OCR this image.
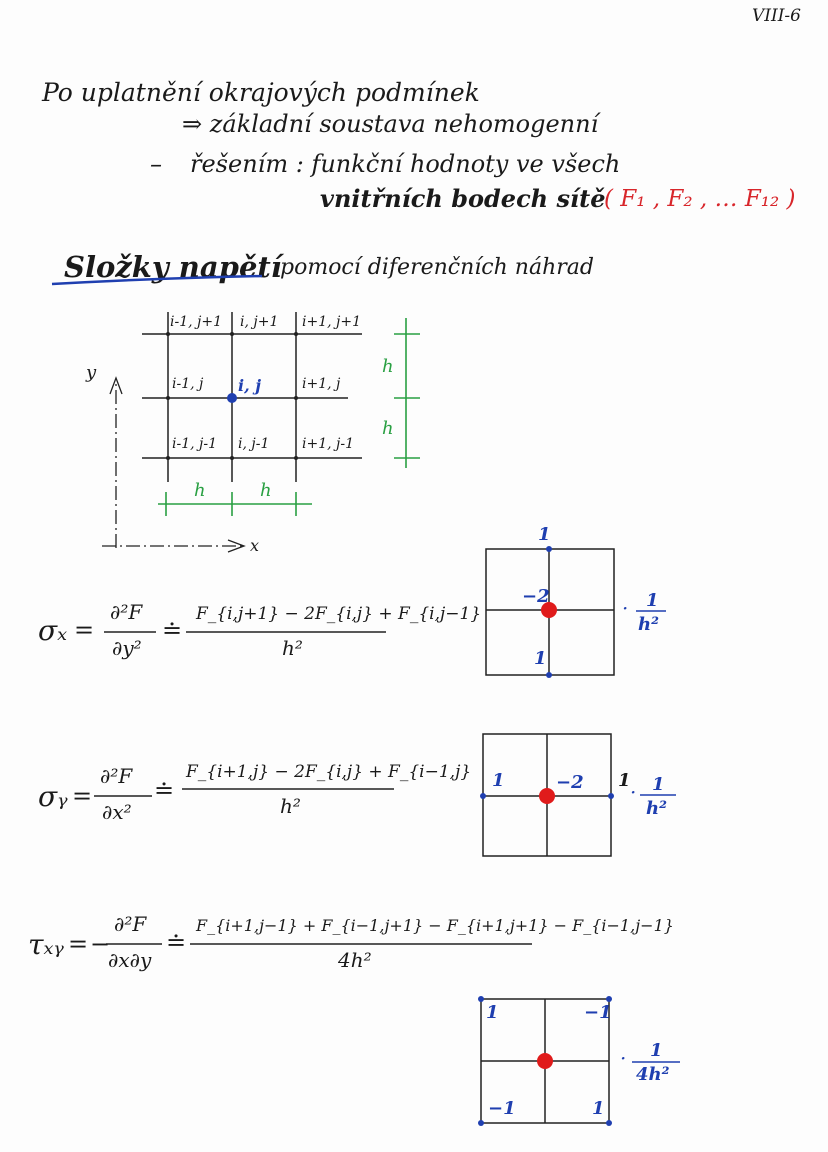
VIII-6
Po uplatnění okrajových podmínek
⇒ základní soustava nehomogenní
– řešením : funkční hodnoty ve všech
vnitřních bodech sítě
( F₁ , F₂ , … F₁₂ )
Složky napětí
pomocí diferenčních náhrad
i-1, j+1 i, j+1 i+1, j+1
i-1, j i, j	i+1, j
i-1, j-1 i, j-1 i+1, j-1
h	h
h
h
y
x
σₓ =
∂²F
∂y²
≐
F_{i,j+1} − 2F_{i,j} + F_{i,j−1}
h²
1
−2
1
· 1
h²
σᵧ =
∂²F
∂x²
≐
F_{i+1,j} − 2F_{i,j} + F_{i−1,j}
h²
1	−2 1 · 1
h²
τₓᵧ = −
∂²F
∂x∂y
≐
F_{i+1,j−1} + F_{i−1,j+1} − F_{i+1,j+1} − F_{i−1,j−1}
4h²
1	−1
−1	1
· 1
4h²
